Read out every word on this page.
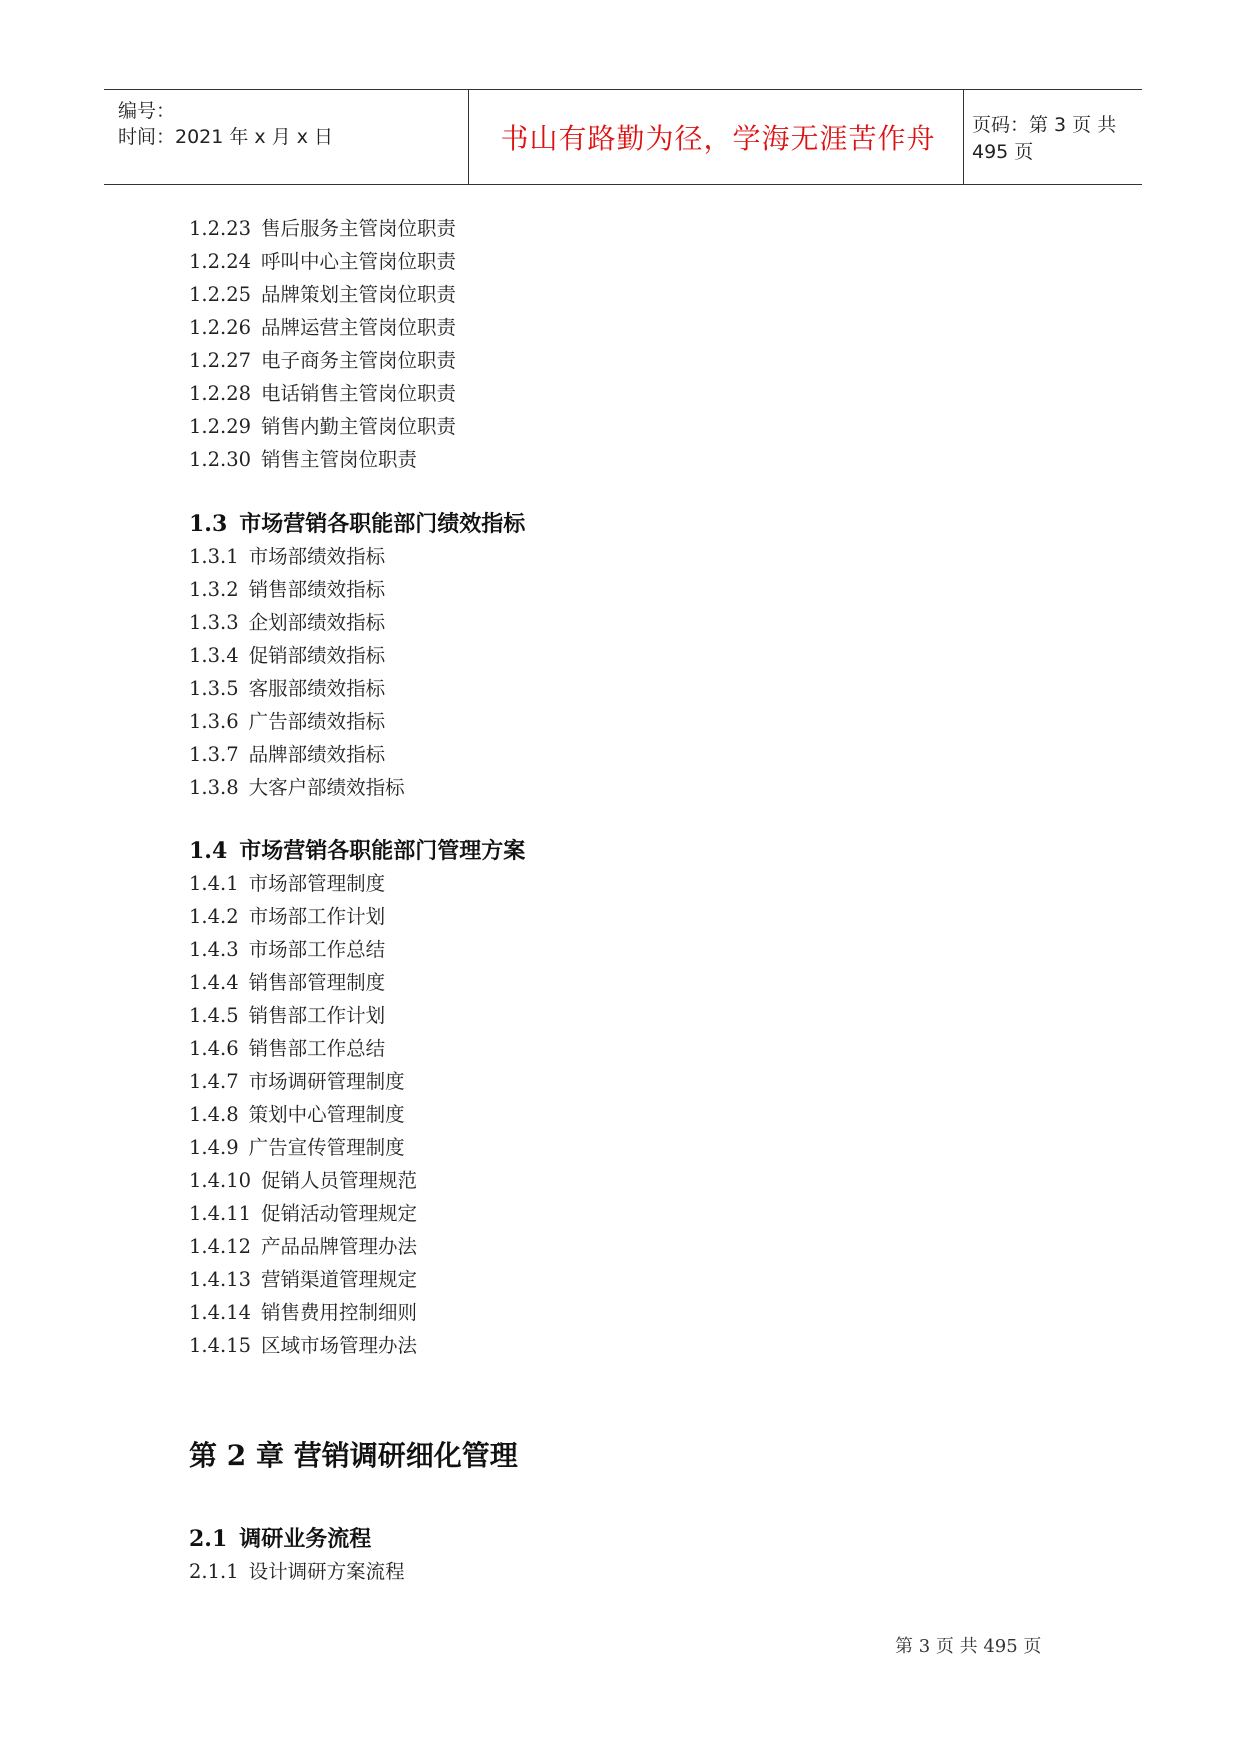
编号：
时间：2021 年 x 月 x 日	书山有路勤为径，学海无涯苦作舟 页码：第 3 页 共 495 页
1.2.23 售后服务主管岗位职责
1.2.24 呼叫中心主管岗位职责
1.2.25 品牌策划主管岗位职责
1.2.26 品牌运营主管岗位职责
1.2.27 电子商务主管岗位职责
1.2.28 电话销售主管岗位职责
1.2.29 销售内勤主管岗位职责
1.2.30 销售主管岗位职责
1.3 市场营销各职能部门绩效指标
1.3.1 市场部绩效指标
1.3.2 销售部绩效指标
1.3.3 企划部绩效指标
1.3.4 促销部绩效指标
1.3.5 客服部绩效指标
1.3.6 广告部绩效指标
1.3.7 品牌部绩效指标
1.3.8 大客户部绩效指标
1.4 市场营销各职能部门管理方案
1.4.1 市场部管理制度
1.4.2 市场部工作计划
1.4.3 市场部工作总结
1.4.4 销售部管理制度
1.4.5 销售部工作计划
1.4.6 销售部工作总结
1.4.7 市场调研管理制度
1.4.8 策划中心管理制度
1.4.9 广告宣传管理制度
1.4.10 促销人员管理规范
1.4.11 促销活动管理规定
1.4.12 产品品牌管理办法
1.4.13 营销渠道管理规定
1.4.14 销售费用控制细则
1.4.15 区域市场管理办法
第 2 章 营销调研细化管理
2.1 调研业务流程
2.1.1 设计调研方案流程
第 3 页 共 495 页
